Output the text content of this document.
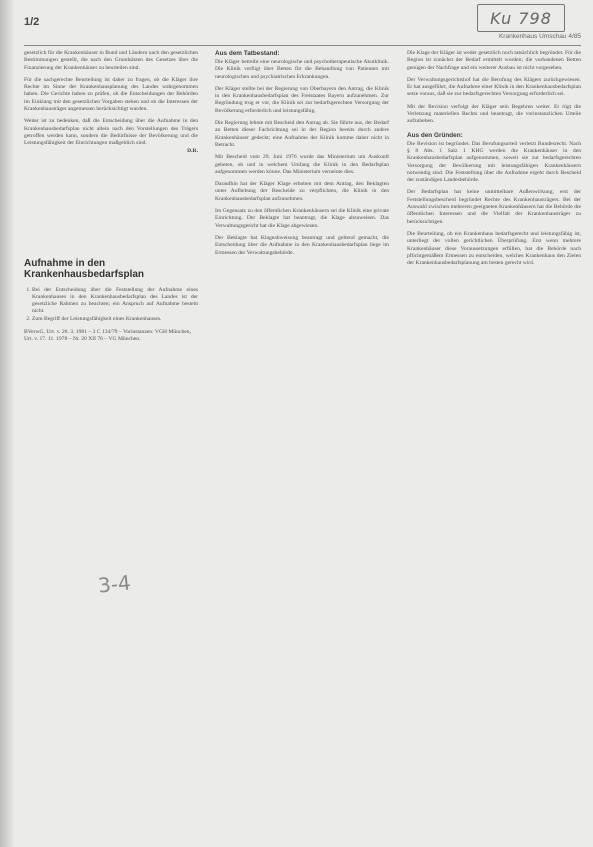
1/2	Ku 798
Krankenhaus Umschau 4/85

gesetzlich für die Krankenhäuser in Bund und Ländern nach den gesetzlichen Bestimmungen gestellt, die nach den Grundsätzen des Gesetzes über die Finanzierung der Krankenhäuser zu beurteilen sind.

Für die sachgerechte Beurteilung ist daher zu fragen, ob die Kläger ihre Rechte im Sinne der Krankenhausplanung des Landes wahrgenommen haben. Die Gerichte haben zu prüfen, ob die Entscheidungen der Behörden im Einklang mit den gesetzlichen Vorgaben stehen und ob die Interessen der Krankenhausträger angemessen berücksichtigt wurden.

Weiter ist zu bedenken, daß die Entscheidung über die Aufnahme in den Krankenhausbedarfsplan nicht allein nach den Vorstellungen des Trägers getroffen werden kann, sondern die Bedürfnisse der Bevölkerung und die Leistungsfähigkeit der Einrichtungen maßgeblich sind.

D.R.
Aufnahme in den Krankenhausbedarfsplan
1. Bei der Entscheidung über die Feststellung der Aufnahme eines Krankenhauses in den Krankenhausbedarfsplan des Landes ist der gesetzliche Rahmen zu beachten; ein Anspruch auf Aufnahme besteht nicht.
2. Zum Begriff der Leistungsfähigkeit eines Krankenhauses.
BVerwG, Urt. v. 26. 3. 1981 – 3 C 134/79 – Vorinstanzen: VGH München, Urt. v. 17. 11. 1978 – Nr. 20 XII 76 – VG München.
3-4
Aus dem Tatbestand:

Die Kläger betreibt eine neurologische und psychotherapeutische Akutklinik. Die Klinik verfügt über Betten für die Behandlung von Patienten mit neurologischen und psychiatrischen Erkrankungen.

Der Kläger stellte bei der Regierung von Oberbayern den Antrag, die Klinik in den Krankenhausbedarfsplan des Freistaates Bayern aufzunehmen. Zur Begründung trug er vor, die Klinik sei zur bedarfsgerechten Versorgung der Bevölkerung erforderlich und leistungsfähig.

Die Regierung lehnte mit Bescheid den Antrag ab. Sie führte aus, der Bedarf an Betten dieser Fachrichtung sei in der Region bereits durch andere Krankenhäuser gedeckt; eine Aufnahme der Klinik komme daher nicht in Betracht.

Mit Bescheid vom 29. Juni 1976 wurde das Ministerium um Auskunft gebeten, ob und in welchem Umfang die Klinik in den Bedarfsplan aufgenommen werden könne. Das Ministerium verneinte dies.

Daraufhin hat der Kläger Klage erhoben mit dem Antrag, den Beklagten unter Aufhebung der Bescheide zu verpflichten, die Klinik in den Krankenhausbedarfsplan aufzunehmen.

Im Gegensatz zu den öffentlichen Krankenhäusern sei die Klinik eine private Einrichtung. Der Beklagte hat beantragt, die Klage abzuweisen. Das Verwaltungsgericht hat die Klage abgewiesen.

Der Beklagte hat Klageabweisung beantragt und geltend gemacht, die Entscheidung über die Aufnahme in den Krankenhausbedarfsplan liege im Ermessen der Verwaltungsbehörde.

Die Klage der Kläger ist weder gesetzlich noch tatsächlich begründet. Für die Region ist zunächst der Bedarf ermittelt worden; die vorhandenen Betten genügen der Nachfrage und ein weiterer Ausbau ist nicht vorgesehen.

Der Verwaltungsgerichtshof hat die Berufung des Klägers zurückgewiesen. Er hat ausgeführt, die Aufnahme einer Klinik in den Krankenhausbedarfsplan setze voraus, daß sie zur bedarfsgerechten Versorgung erforderlich sei.

Mit der Revision verfolgt der Kläger sein Begehren weiter. Er rügt die Verletzung materiellen Rechts und beantragt, die vorinstanzlichen Urteile aufzuheben.

Aus den Gründen:

Die Revision ist begründet. Das Berufungsurteil verletzt Bundesrecht. Nach § 8 Abs. 1 Satz 1 KHG werden die Krankenhäuser in den Krankenhausbedarfsplan aufgenommen, soweit sie zur bedarfsgerechten Versorgung der Bevölkerung mit leistungsfähigen Krankenhäusern notwendig sind. Die Feststellung über die Aufnahme ergeht durch Bescheid der zuständigen Landesbehörde.

Der Bedarfsplan hat keine unmittelbare Außenwirkung; erst der Feststellungsbescheid begründet Rechte des Krankenhausträgers. Bei der Auswahl zwischen mehreren geeigneten Krankenhäusern hat die Behörde die öffentlichen Interessen und die Vielfalt der Krankenhausträger zu berücksichtigen.

Die Beurteilung, ob ein Krankenhaus bedarfsgerecht und leistungsfähig ist, unterliegt der vollen gerichtlichen Überprüfung. Erst wenn mehrere Krankenhäuser diese Voraussetzungen erfüllen, hat die Behörde nach pflichtgemäßem Ermessen zu entscheiden, welches Krankenhaus den Zielen der Krankenhausbedarfsplanung am besten gerecht wird.
